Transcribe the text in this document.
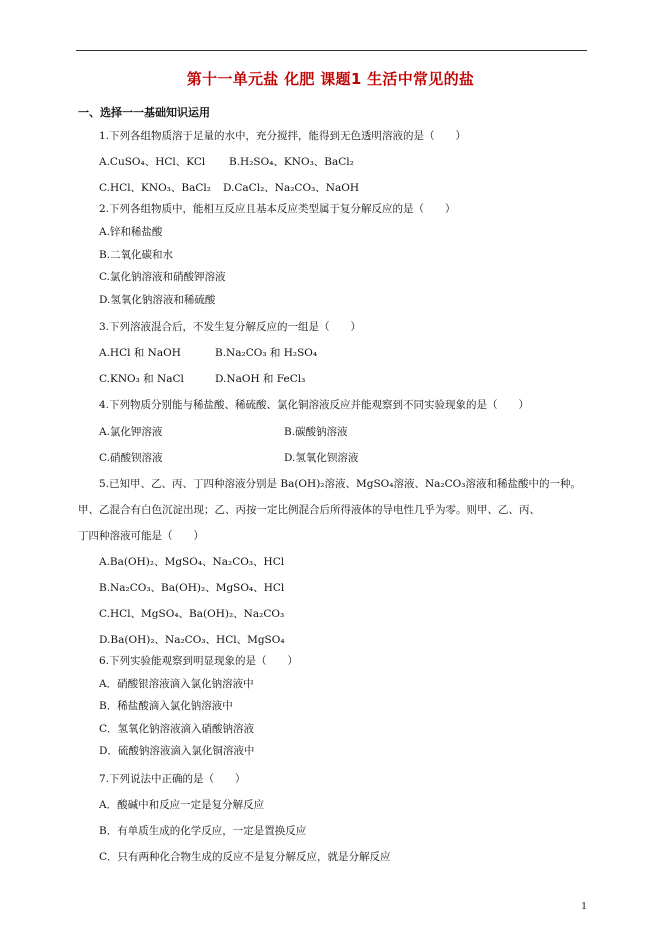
第十一单元盐 化肥 课题1 生活中常见的盐
一、选择一一基础知识运用
1.下列各组物质溶于足量的水中，充分搅拌，能得到无色透明溶液的是（　　）
A.CuSO₄、HCl、KCl B.H₂SO₄、KNO₃、BaCl₂
C.HCl、KNO₃、BaCl₂ D.CaCl₂、Na₂CO₃、NaOH
2.下列各组物质中，能相互反应且基本反应类型属于复分解反应的是（　　）
A.锌和稀盐酸
B.二氧化碳和水
C.氯化钠溶液和硝酸钾溶液
D.氢氧化钠溶液和稀硫酸
3.下列溶液混合后，不发生复分解反应的一组是（　　）
A.HCl 和 NaOH	B.Na₂CO₃ 和 H₂SO₄
C.KNO₃ 和 NaCl	D.NaOH 和 FeCl₃
4.下列物质分别能与稀盐酸、稀硫酸、氯化铜溶液反应并能观察到不同实验现象的是（　　）
A.氯化钾溶液	B.碳酸钠溶液
C.硝酸钡溶液	D.氢氧化钡溶液
5.已知甲、乙、丙、丁四种溶液分别是 Ba(OH)₂溶液、MgSO₄溶液、Na₂CO₃溶液和稀盐酸中的一种。
甲、乙混合有白色沉淀出现；乙、丙按一定比例混合后所得液体的导电性几乎为零。则甲、乙、丙、
丁四种溶液可能是（　　）
A.Ba(OH)₂、MgSO₄、Na₂CO₃、HCl
B.Na₂CO₃、Ba(OH)₂、MgSO₄、HCl
C.HCl、MgSO₄、Ba(OH)₂、Na₂CO₃
D.Ba(OH)₂、Na₂CO₃、HCl、MgSO₄
6.下列实验能观察到明显现象的是（　　）
A．硝酸银溶液滴入氯化钠溶液中
B．稀盐酸滴入氯化钠溶液中
C．氢氧化钠溶液滴入硝酸钠溶液
D．硫酸钠溶液滴入氯化铜溶液中
7.下列说法中正确的是（　　）
A．酸碱中和反应一定是复分解反应
B．有单质生成的化学反应，一定是置换反应
C．只有两种化合物生成的反应不是复分解反应，就是分解反应
1
